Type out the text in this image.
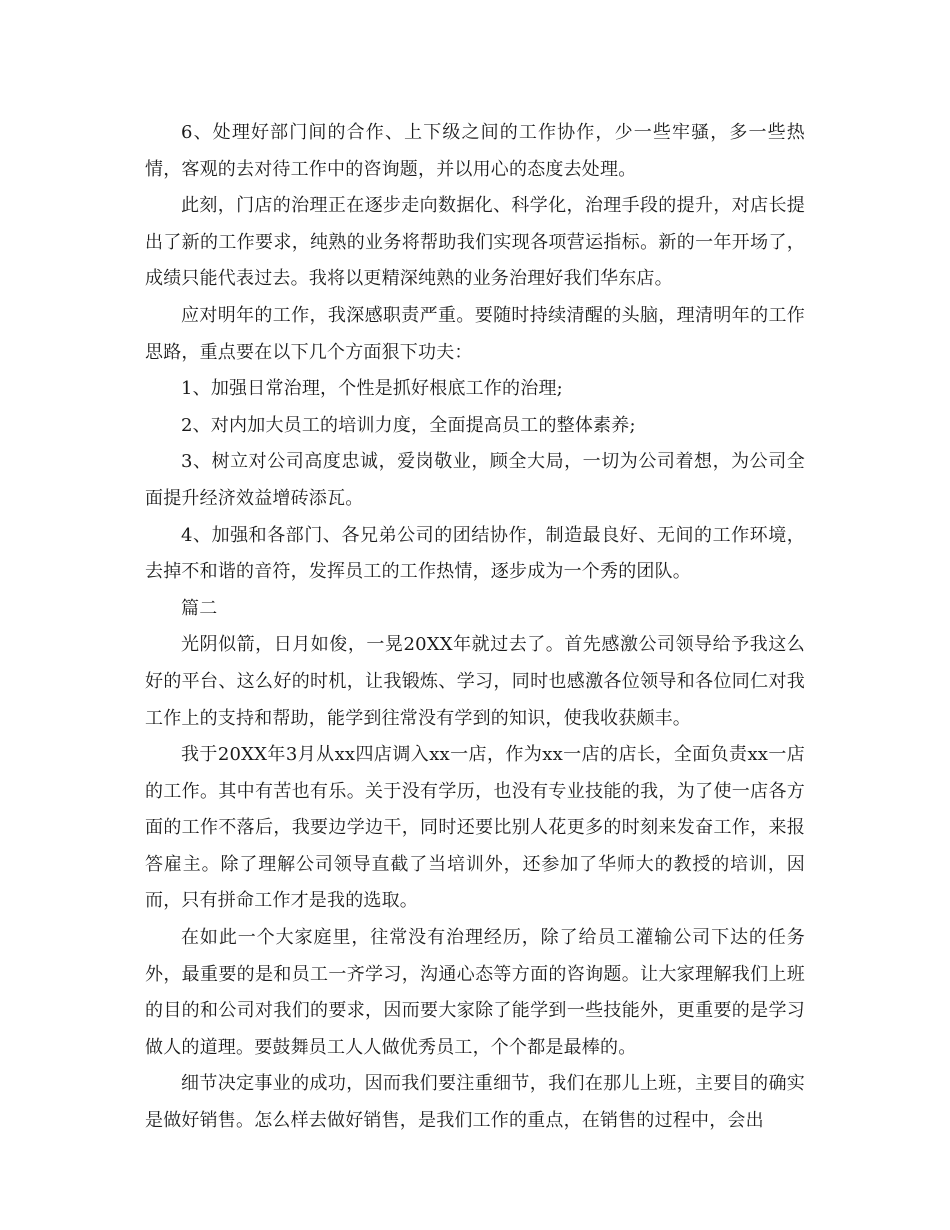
6、处理好部门间的合作、上下级之间的工作协作，少一些牢骚，多一些热情，客观的去对待工作中的咨询题，并以用心的态度去处理。

此刻，门店的治理正在逐步走向数据化、科学化，治理手段的提升，对店长提出了新的工作要求，纯熟的业务将帮助我们实现各项营运指标。新的一年开场了，成绩只能代表过去。我将以更精深纯熟的业务治理好我们华东店。

应对明年的工作，我深感职责严重。要随时持续清醒的头脑，理清明年的工作思路，重点要在以下几个方面狠下功夫：

1、加强日常治理，个性是抓好根底工作的治理;

2、对内加大员工的培训力度，全面提高员工的整体素养;

3、树立对公司高度忠诚，爱岗敬业，顾全大局，一切为公司着想，为公司全面提升经济效益增砖添瓦。

4、加强和各部门、各兄弟公司的团结协作，制造最良好、无间的工作环境，去掉不和谐的音符，发挥员工的工作热情，逐步成为一个秀的团队。

篇二

光阴似箭，日月如俊，一晃20XX年就过去了。首先感激公司领导给予我这么好的平台、这么好的时机，让我锻炼、学习，同时也感激各位领导和各位同仁对我工作上的支持和帮助，能学到往常没有学到的知识，使我收获颇丰。

我于20XX年3月从xx四店调入xx一店，作为xx一店的店长，全面负责xx一店的工作。其中有苦也有乐。关于没有学历，也没有专业技能的我，为了使一店各方面的工作不落后，我要边学边干，同时还要比别人花更多的时刻来发奋工作，来报答雇主。除了理解公司领导直截了当培训外，还参加了华师大的教授的培训，因而，只有拼命工作才是我的选取。

在如此一个大家庭里，往常没有治理经历，除了给员工灌输公司下达的任务外，最重要的是和员工一齐学习，沟通心态等方面的咨询题。让大家理解我们上班的目的和公司对我们的要求，因而要大家除了能学到一些技能外，更重要的是学习做人的道理。要鼓舞员工人人做优秀员工，个个都是最棒的。

细节决定事业的成功，因而我们要注重细节，我们在那儿上班，主要目的确实是做好销售。怎么样去做好销售，是我们工作的重点，在销售的过程中，会出
